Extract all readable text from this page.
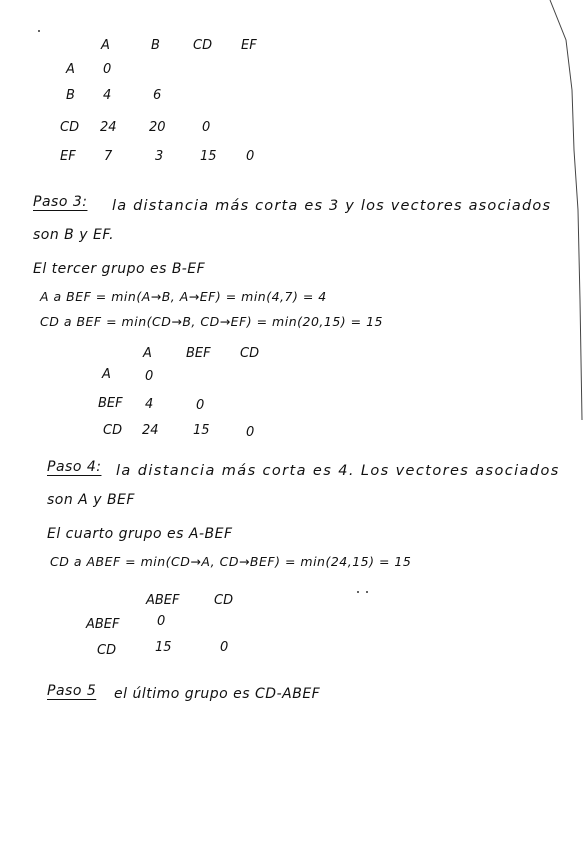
A	B	CD EF
A 0
B 4	6
CD 24 20	0
EF 7	3	15 0
Paso 3: la distancia más corta es 3 y los vectores asociados
son B y EF.
El tercer grupo es B-EF
A a BEF = min(A→B, A→EF) = min(4,7) = 4
CD a BEF = min(CD→B, CD→EF) = min(20,15) = 15
A	BEF CD
A	0
BEF 4	0
CD 24	15	0
Paso 4: la distancia más corta es 4. Los vectores asociados
son A y BEF
El cuarto grupo es A-BEF
CD a ABEF = min(CD→A, CD→BEF) = min(24,15) = 15
ABEF	CD
ABEF	0
CD	15	0
Paso 5 el último grupo es CD-ABEF
